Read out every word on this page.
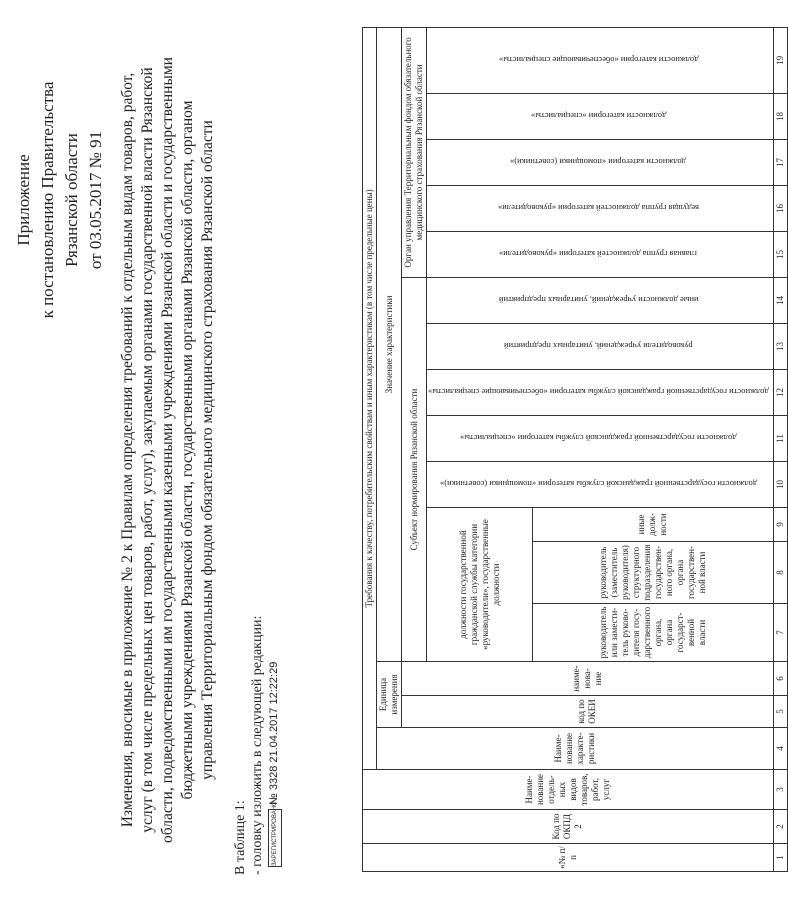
Приложение к постановлению Правительства Рязанской области от 03.05.2017 № 91 Изменения, вносимые в приложение № 2 к Правилам определения требований к отдельным видам товаров, работ, услуг (в том числе предельных цен товаров, работ, услуг), закупаемым органами государственной власти Рязанской области, подведомственными им государственными казенными учреждениями Рязанской области и государственными бюджетными учреждениями Рязанской области, государственными органами Рязанской области, органом управления Территориальным фондом обязательного медицинского страхования Рязанской области
В таблице 1: - головку изложить в следующей редакции:	ЗАРЕГИСТРИРОВАНО
№ 3328 21.04.2017 12:22:29
«№ п/п	Код по ОКПД 2	Наиме- нование отдель- ных видов товаров, работ, услуг	Требования к качеству, потребительским свойствам и иным характеристикам (в том числе предельные цены)															
			Наиме- нование характе- ристики	Единица измерения		Значение характеристики												
				код по ОКЕИ	наиме- нова- ние	Субъект нормирования Рязанской области								Орган управления Территориальным фондом обязательного медицинского страхования Рязанской области				
						должности государственной гражданской службы категории «руководители», государственные должности			должности государственной гражданской службы категории «помощники (советники)»	должности государственной гражданской службы категории «специалисты»	должности государственной гражданской службы категории «обеспечивающие специалисты»	руководители учреждений, унитарных предприятий	иные должности учреждений, унитарных предприятий	главная группа должностей категории «руководители»	ведущая группа должностей категории «руководители»	должности категории «помощники (советники)»	должности категории «специалисты»	должности категории «обеспечивающие специалисты»
						руководитель или замести- тель руково- дителя госу- дарственного органа, органа государст- венной власти	руководитель (заместитель руководителя) структурного подразделения государствен- ного органа, органа государствен- ной власти	иные долж- ности										
1	2	3	4	5	6	7	8	9	10	11	12	13	14	15	16	17	18	19
